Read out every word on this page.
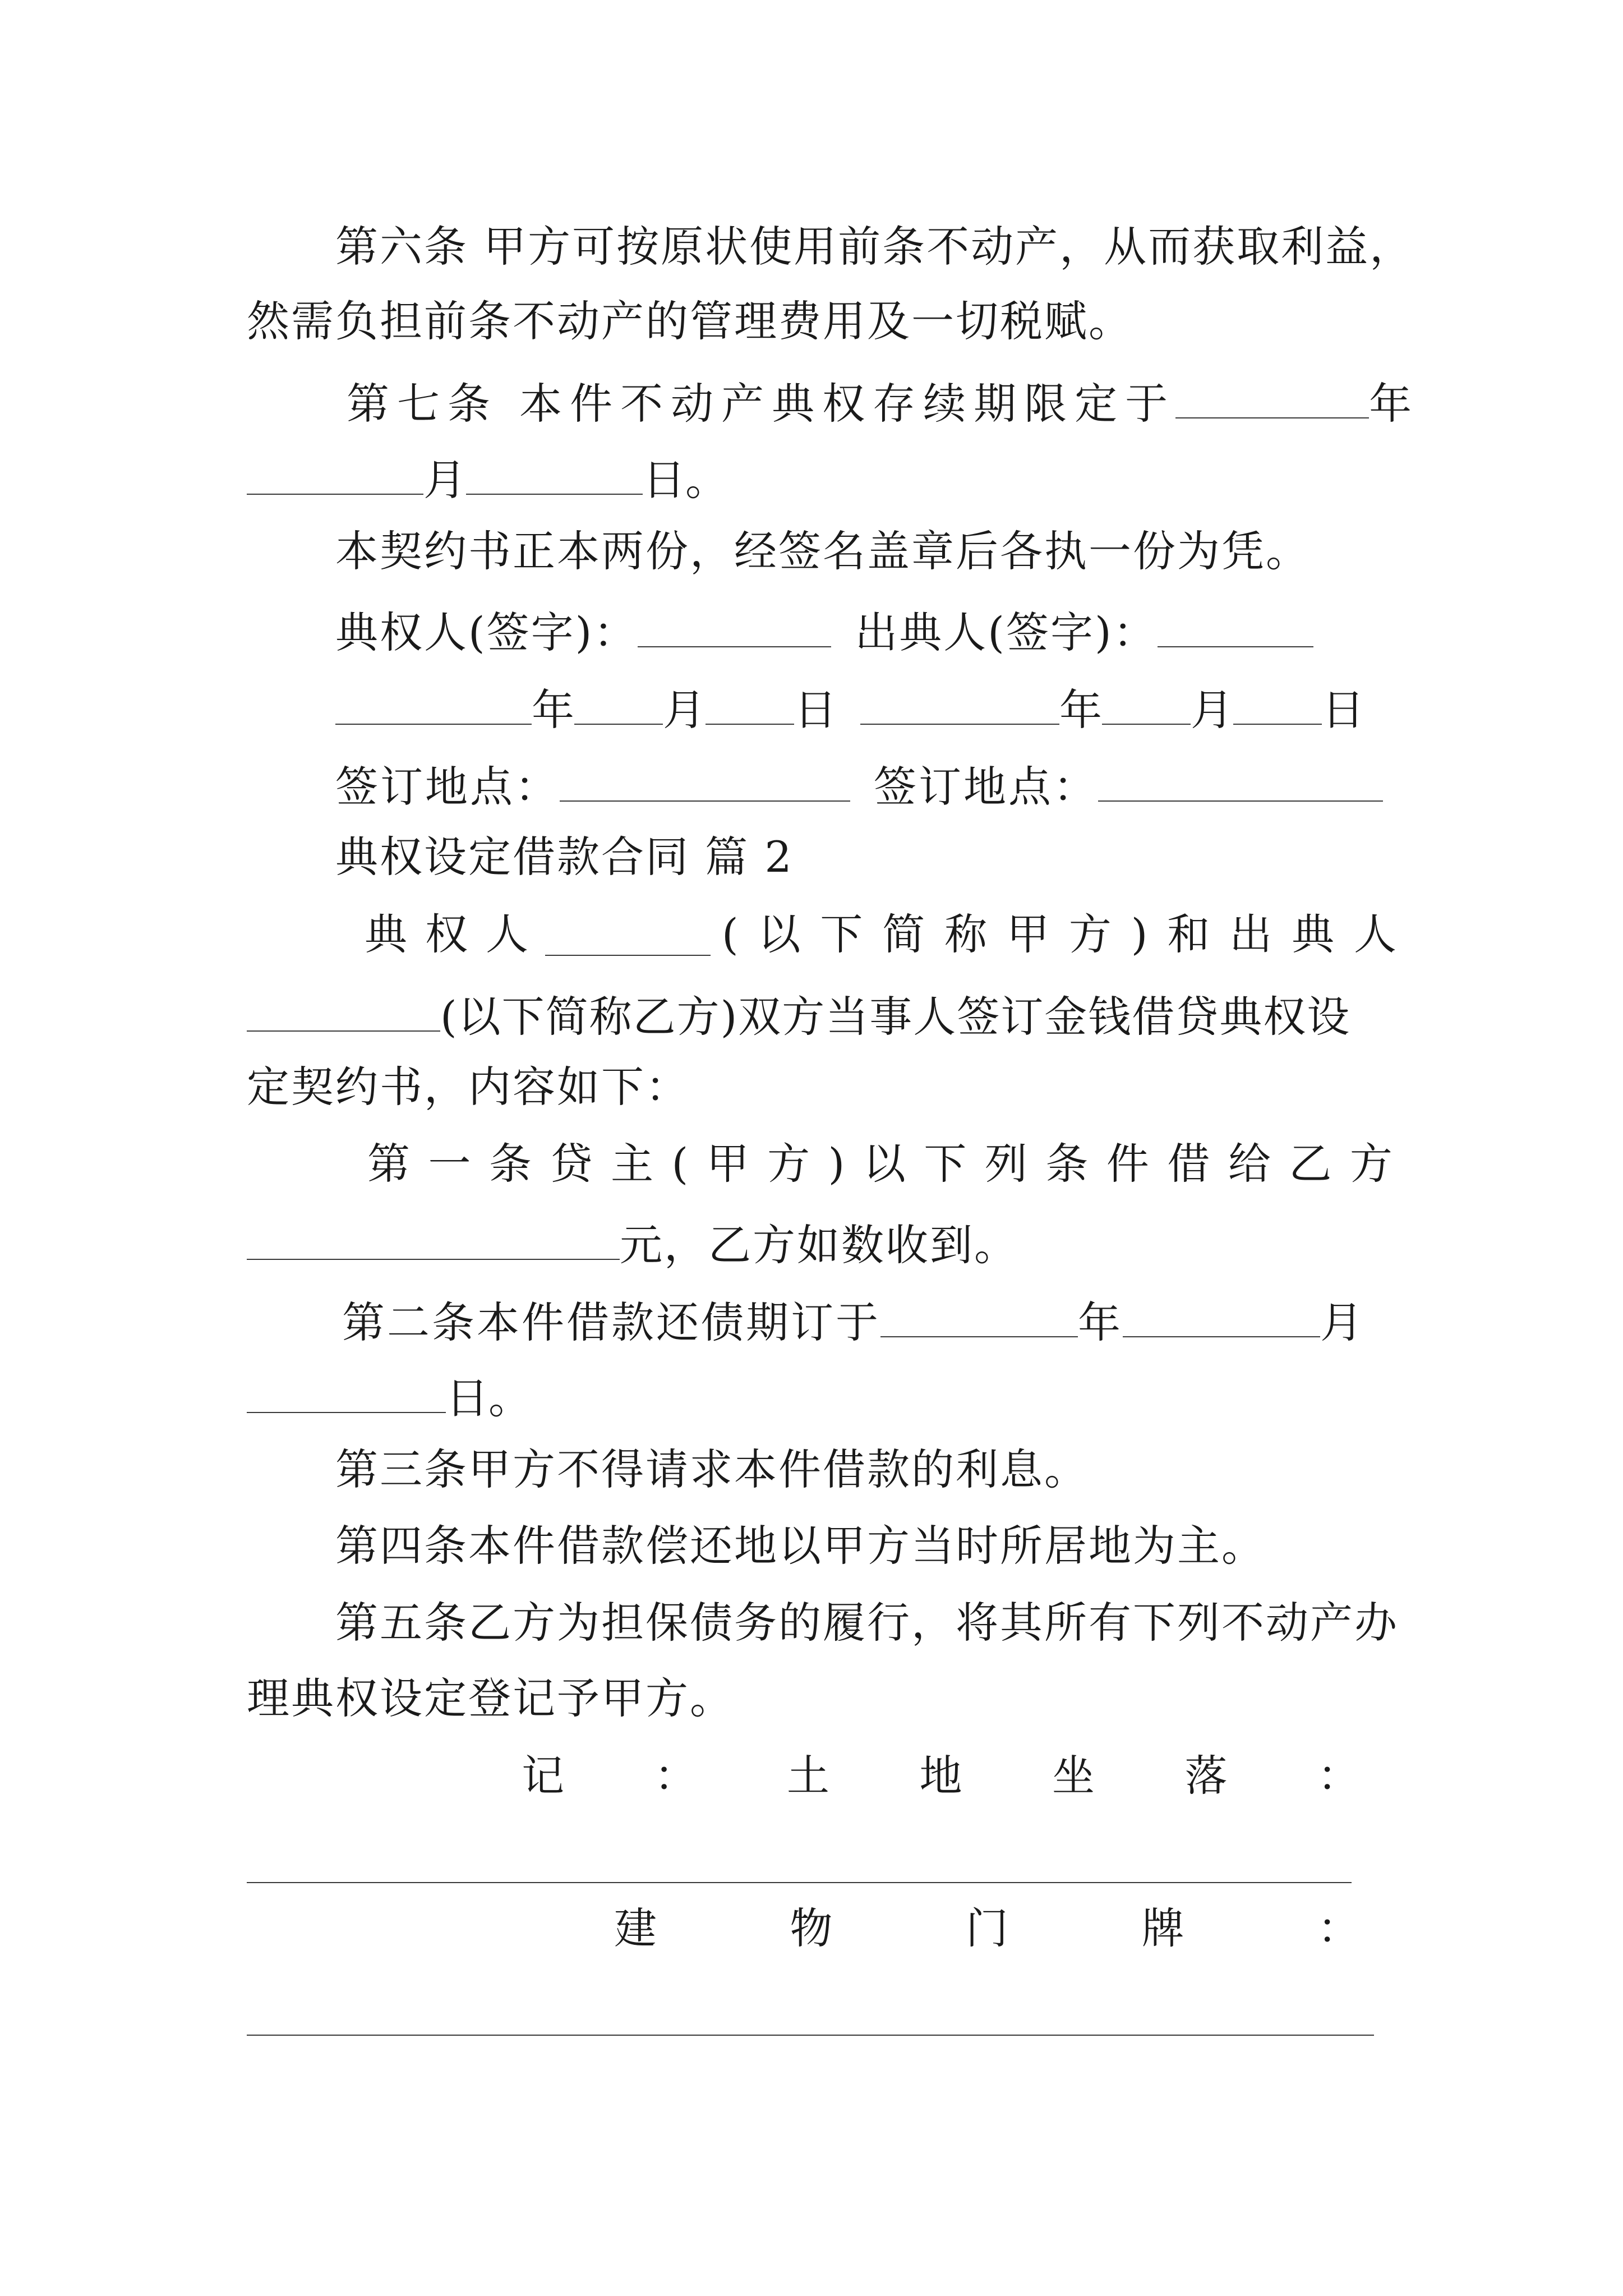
第六条 甲方可按原状使用前条不动产，从而获取利益，
然需负担前条不动产的管理费用及一切税赋。
第七条 本件不动产典权存续期限定于	年
月	日。
本契约书正本两份，经签名盖章后各执一份为凭。
典权人(签字)：	出典人(签字)：
年 月 日	年 月 日
签订地点：	签订地点：
典权设定借款合同 篇 2
典 权 人	( 以 下 简 称 甲 方 ) 和 出 典 人
(以下简称乙方)双方当事人签订金钱借贷典权设
定契约书，内容如下：
第 一 条 贷 主 ( 甲 方 ) 以 下 列 条 件 借 给 乙 方
元，乙方如数收到。
第二条本件借款还债期订于	年	月
日。
第三条甲方不得请求本件借款的利息。
第四条本件借款偿还地以甲方当时所居地为主。
第五条乙方为担保债务的履行，将其所有下列不动产办
理典权设定登记予甲方。
记 ： 土 地 坐 落 ：
建	物	门	牌	：
